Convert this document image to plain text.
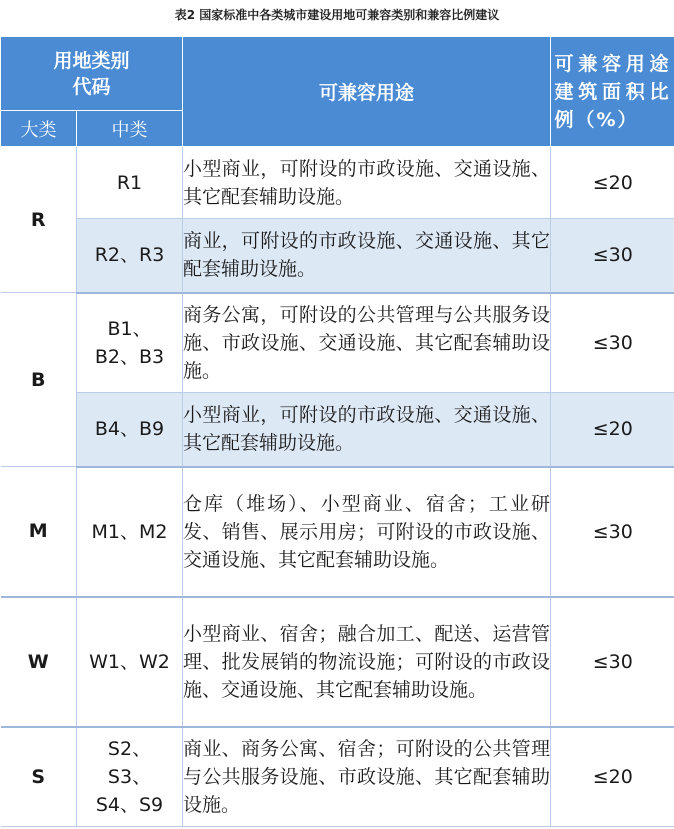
表2 国家标准中各类城市建设用地可兼容类别和兼容比例建议
用地类别代码		可兼容用途	可兼容用途建筑面积比例（%）

大类	中类		
R	R1	小型商业，可附设的市政设施、交通设施、其它配套辅助设施。	≤20
	R2、R3	商业，可附设的市政设施、交通设施、其它配套辅助设施。	≤30
B	B1、B2、B3	商务公寓，可附设的公共管理与公共服务设施、市政设施、交通设施、其它配套辅助设施。	≤30
	B4、B9	小型商业，可附设的市政设施、交通设施、其它配套辅助设施。	≤20
M	M1、M2	仓库（堆场）、小型商业、宿舍；工业研发、销售、展示用房；可附设的市政设施、交通设施、其它配套辅助设施。	≤30
W	W1、W2	小型商业、宿舍；融合加工、配送、运营管理、批发展销的物流设施；可附设的市政设施、交通设施、其它配套辅助设施。	≤30
S	S2、S3、S4、S9	商业、商务公寓、宿舍；可附设的公共管理与公共服务设施、市政设施、其它配套辅助设施。	≤20
